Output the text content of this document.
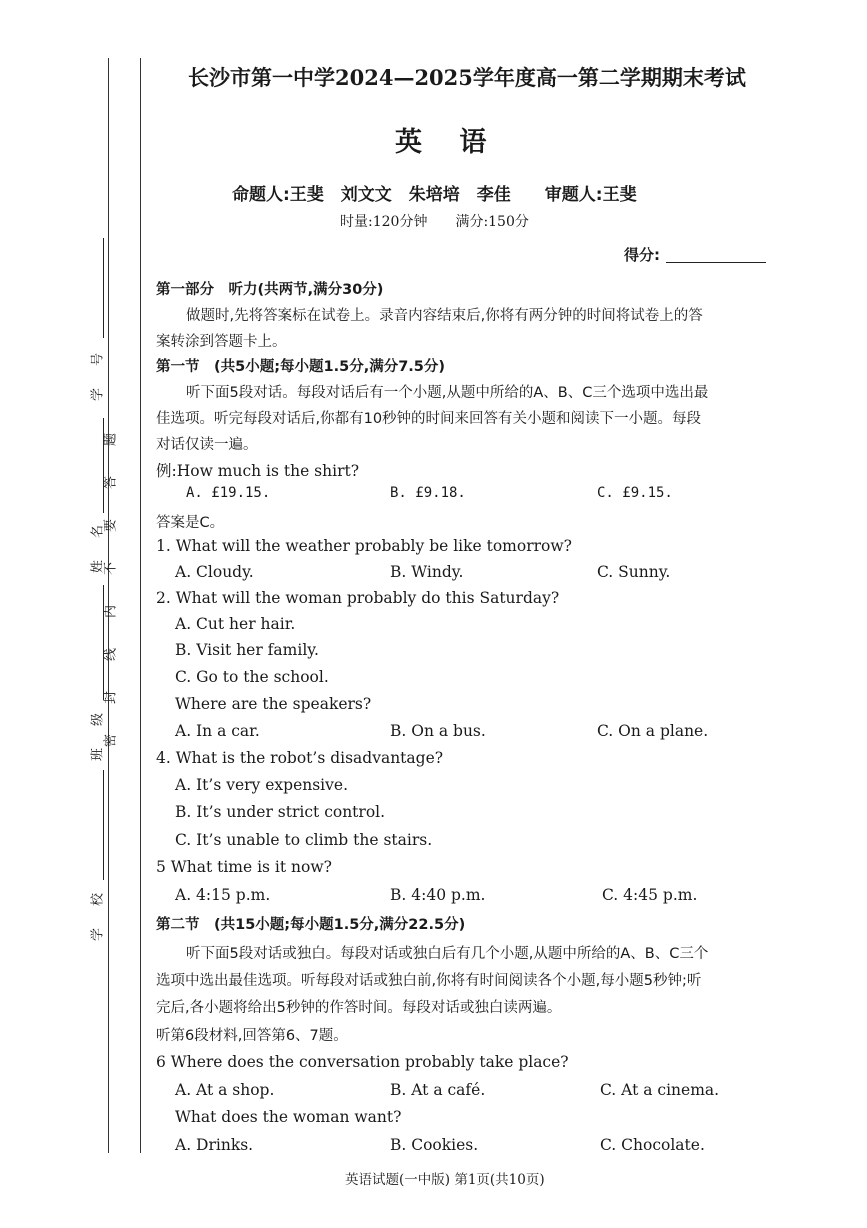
号
学
名
姓
级
班
校
学
题
答
要
不
内
线
封
密
长沙市第一中学2024—2025学年度高一第二学期期末考试
英 语
命题人:王斐　刘文文　朱培培　李佳　　审题人:王斐
时量:120分钟　　满分:150分
得分:
第一部分　听力(共两节,满分30分)
做题时,先将答案标在试卷上。录音内容结束后,你将有两分钟的时间将试卷上的答
案转涂到答题卡上。
第一节　(共5小题;每小题1.5分,满分7.5分)
听下面5段对话。每段对话后有一个小题,从题中所给的A、B、C三个选项中选出最
佳选项。听完每段对话后,你都有10秒钟的时间来回答有关小题和阅读下一小题。每段
对话仅读一遍。
例:How much is the shirt?
A. £19.15.	B. £9.18.	C. £9.15.
答案是C。
1. What will the weather probably be like tomorrow?
A. Cloudy.	B. Windy.	C. Sunny.
2. What will the woman probably do this Saturday?
A. Cut her hair.
B. Visit her family.
C. Go to the school.
Where are the speakers?
A. In a car.	B. On a bus.	C. On a plane.
4. What is the robot’s disadvantage?
A. It’s very expensive.
B. It’s under strict control.
C. It’s unable to climb the stairs.
5 What time is it now?
A. 4:15 p.m.	B. 4:40 p.m.	C. 4:45 p.m.
第二节　(共15小题;每小题1.5分,满分22.5分)
听下面5段对话或独白。每段对话或独白后有几个小题,从题中所给的A、B、C三个
选项中选出最佳选项。听每段对话或独白前,你将有时间阅读各个小题,每小题5秒钟;听
完后,各小题将给出5秒钟的作答时间。每段对话或独白读两遍。
听第6段材料,回答第6、7题。
6 Where does the conversation probably take place?
A. At a shop.	B. At a café.	C. At a cinema.
What does the woman want?
A. Drinks.	B. Cookies.	C. Chocolate.
英语试题(一中版) 第1页(共10页)
